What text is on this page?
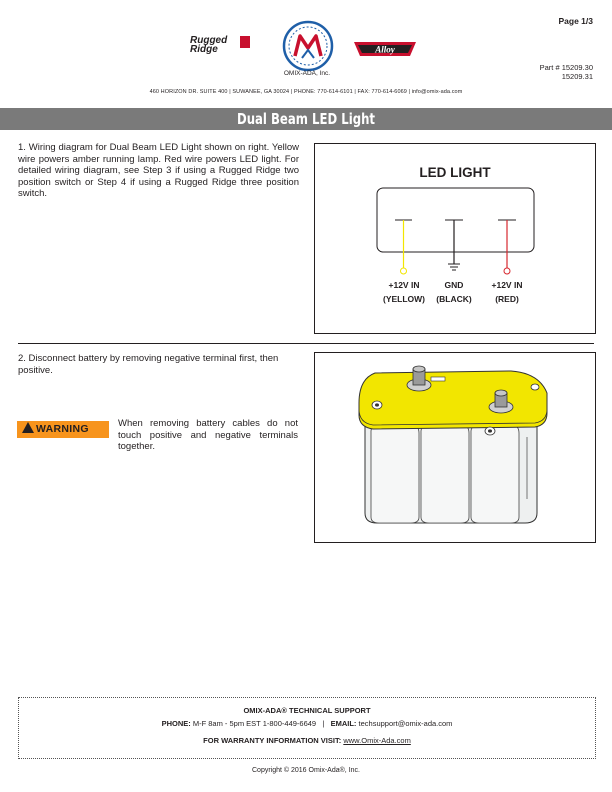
Page 1/3
Rugged Ridge
OMIX-ADA, Inc.
Alloy
Part # 15209.30
15209.31
460 HORIZON DR. SUITE 400 | SUWANEE, GA 30024 | PHONE: 770-614-6101 | FAX: 770-614-6069 | info@omix-ada.com
Dual Beam LED Light
1. Wiring diagram for Dual Beam LED Light shown on right. Yellow wire powers amber running lamp. Red wire powers LED light. For detailed wiring diagram, see Step 3 if using a Rugged Ridge two position switch or Step 4 if using a Rugged Ridge three position switch.
LED LIGHT
+12V IN
(YELLOW)
GND
(BLACK)
+12V IN
(RED)
2. Disconnect battery by removing negative terminal first, then positive.
WARNING	When removing battery cables do not touch positive and negative terminals together.
OMIX-ADA® TECHNICAL SUPPORT
PHONE: M-F 8am - 5pm EST 1-800-449-6649   |   EMAIL: techsupport@omix-ada.com
FOR WARRANTY INFORMATION VISIT: www.Omix-Ada.com
Copyright © 2016 Omix-Ada®, Inc.
